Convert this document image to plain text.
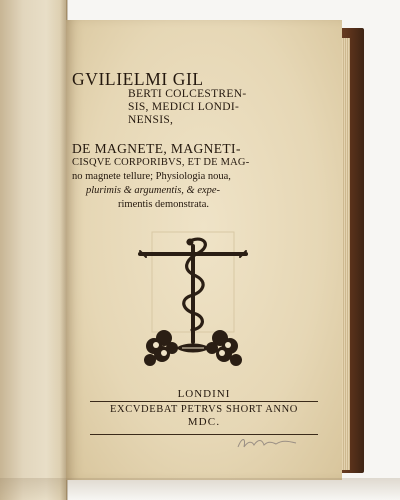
GVILIELMI GIL
BERTI COLCESTREN-
SIS, MEDICI LONDI-
NENSIS,
DE MAGNETE, MAGNETI-
CISQVE CORPORIBVS, ET DE MAG-
no magnete tellure; Physiologia noua,
plurimis & argumentis, & expe-
rimentis demonstrata.
LONDINI
EXCVDEBAT PETRVS SHORT ANNO
MDC.
